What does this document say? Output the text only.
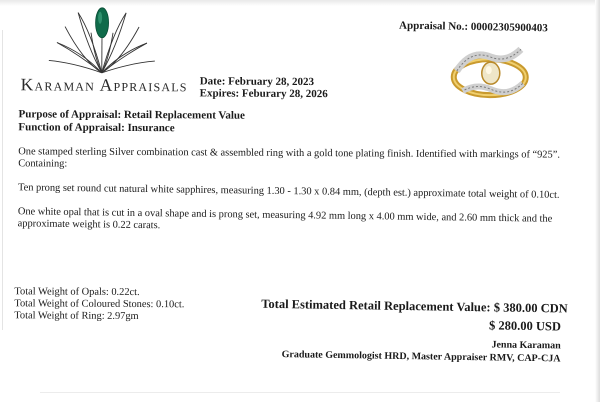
Karaman Appraisals	Date: February 28, 2023
Expires: Feburary 28, 2026
Appraisal No.: 00002305900403
Purpose of Appraisal: Retail Replacement Value
Function of Appraisal: Insurance
One stamped sterling Silver combination cast & assembled ring with a gold tone plating finish. Identified with markings of “925”. Containing:
Ten prong set round cut natural white sapphires, measuring 1.30 - 1.30 x 0.84 mm, (depth est.) approximate total weight of 0.10ct.
One white opal that is cut in a oval shape and is prong set, measuring 4.92 mm long x 4.00 mm wide, and 2.60 mm thick and the approximate weight is 0.22 carats.
Total Weight of Opals: 0.22ct.
Total Weight of Coloured Stones: 0.10ct.
Total Weight of Ring: 2.97gm
Total Estimated Retail Replacement Value: $ 380.00 CDN
$ 280.00 USD
Jenna Karaman
Graduate Gemmologist HRD, Master Appraiser RMV, CAP-CJA
